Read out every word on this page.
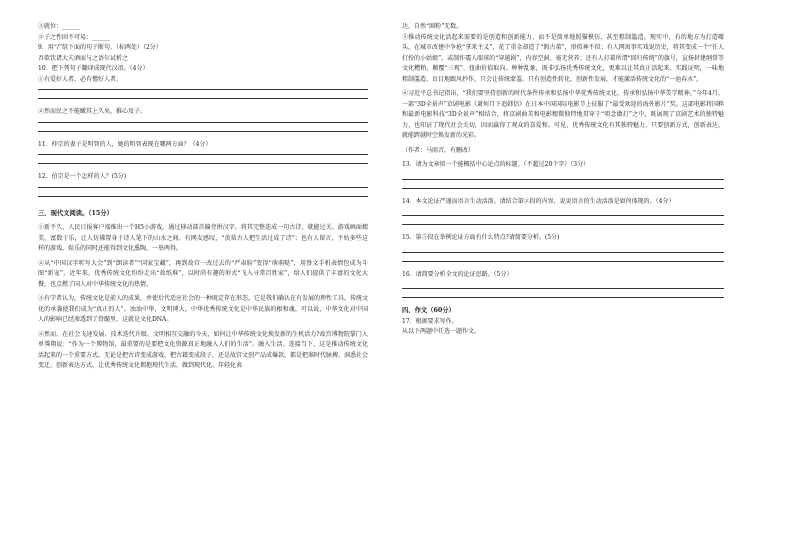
③就位：______
④子之性固不可易：______
9．用“/”给下面的句子断句。（标两处）（2分）
吾欲饮诸大夫酒而与之语尔试析之
10．把下列句子翻译成现代汉语。（4分）
①有爱好人者，必有憎好人者。
②然而民之不能瞰其上久矣，推心及子。
11．仲宗的妻子是明智的人，她的明智表现在哪两方面？（4分）
12．伯宗是一个怎样的人？(5分)
三、现代文阅读。（15分）

①新不久，人民日报客户端推出一个H5小游戏，通过移动部首偏旁拼汉字，将其完整连成一句古诗，就能过关。游戏画面精美，富数于乐，让人仿佛置身于诗人笔下的山水之间。有网友感叹，“羡慕古人把生活过成了诗”；也有人留言，不妨多些这样的游戏，娱乐的同时还能得到文化熏陶，一举两得。

②从“中国汉字听写大会”到“朗读者”“国家宝藏”，再到故宫一改过去的“严肃脸”变得“萌萌哒”，用脊文手机表情包成为斗图“新宠”，近年来，优秀传统文化纷纷走出“故纸堆”，以时尚有趣的形式“飞入寻常百姓家”，给人们提供了丰富的文化大餐，也点燃了国人对中华传统文化的热情。

③有学者认为，传统文化是前人的成果，并使后代适应社会的一种既定存在形态，它是我们确认在有发展的理性工具，传统文化的承袭使我们成为“真正的人”。浊浊中华，文明博大。中华优秀传统文化是中华民族的根和魂。可以说，中华文化对中国人的影响已经渗透到了骨髓里，这就是文化DNA。

④然而，在社会飞速发展、技术迭代升级、文明相互交融的今天，如何让中华传统文化焕发新的生机活力?故宫博物院掌门人单霁翔说：“作为一个博物馆，最重要的是要把文化资源真正地融入人们的生活”。融入生活、连接当下，这是推动传统文化活起来的一个重要方式。无论是把古诗变成游戏，把古籍变成段子，还是故宫文创产品成爆款，都是把准时代脉搏、洞悉社会变迁、创新表达方式，让优秀传统文化拥抱现代生活，做到现代化、年轻化表

达，自然“圈粉”无数。

⑤推动传统文化活起来需要的是创造和创新能力，而不是简单地照猫模仿，甚至粗制滥造。现实中，有的地方为打造噱头，在城市改建中争抢“拿来主义”，花了重金却造了“假古董”，形似神不似；有人网寓事实戏说历史，将其变成一个“任人打扮的小姑娘”，或制作震人眼球的“穿越剧”，内容空洞、毫无营养；还有人打着所谓“回归传统”的旗号，宣扬封建纲常等文化糟粕，颠覆“三观”、扭曲价值取向。种种乱象，既非弘扬优秀传统文化，更难以让其真正活起来。实践证明，一味地粗制滥造、盲目地跟风抄作，只会让传统蒙羞。只有创造性转化、创新性发展，才能激活传统文化的“一池春水”。

⑥习近平总书记指出，“我们要坚持创新的时代条件传承和弘扬中华优秀传统文化，传承和弘扬中华美学精神。”今年4月，一部“3D全景声”京剧电影《萧何月下追韩信》在日本中国国际电影节上征服了“最受欢迎的海外影片”奖。这部电影将国粹和最新电影科技“3D全景声”相结合，将京剧曲美和电影精微独特地贯穿于“唱念做打”之中，既展现了京剧艺术的独特魅力，也印证了现代社会关切，因而赢得了观众的喜爱和。可见，优秀传统文化有其独特魅力，只要创新方式，创新表达，就能跨越时空焕发新的光彩。

（作者：马雨音，有删改）
13．请为文章拟一个能概括中心论点的标题。（不超过20个字）（3分）

14．本文论证严谨而语言生动活泼。请结合第②段的内容，说说语言的生动活泼是如何体现的。（4分）

15．第⑤段在举例论证方面有什么特点?请简要分析。(5分)
16．请简要分析全文的论证思路。（5分）
四、作文（60分）
17．根据要求写作。
从以下两题中任选一题作文。
